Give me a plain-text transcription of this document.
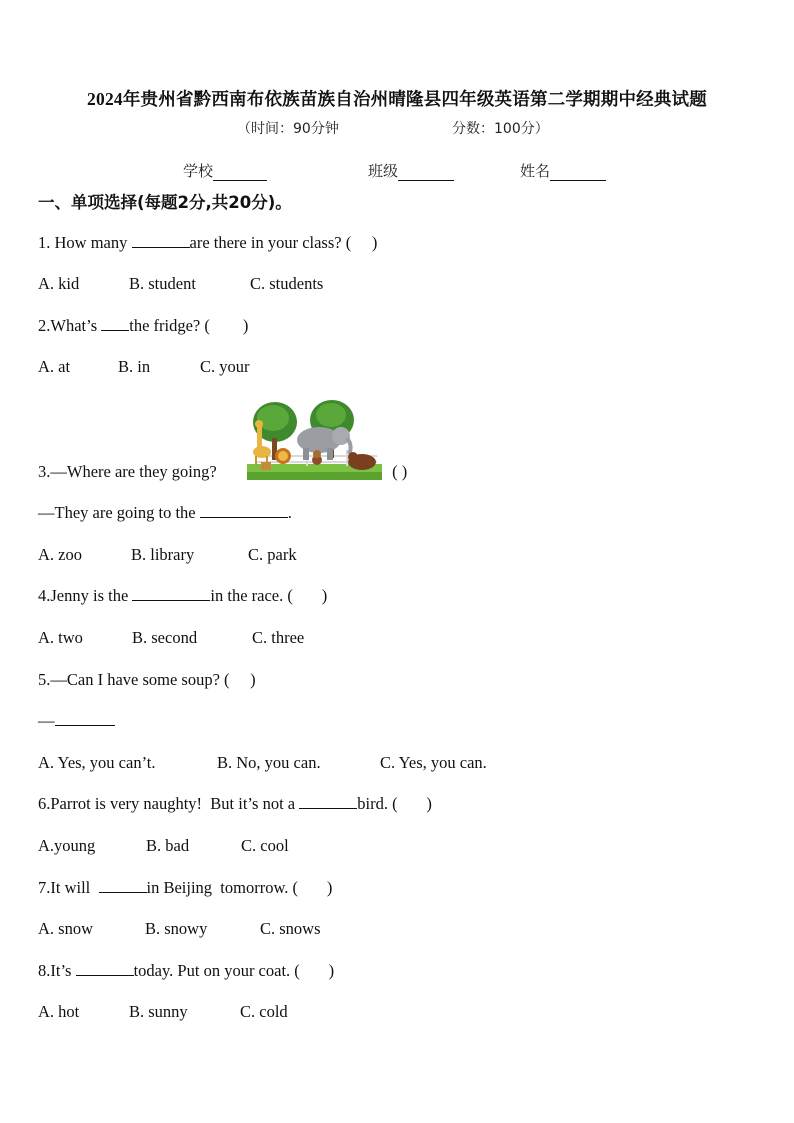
2024年贵州省黔西南布依族苗族自治州晴隆县四年级英语第二学期期中经典试题
（时间：90分钟	分数：100分）
学校	班级	姓名
一、单项选择(每题2分,共20分)。
1. How many	are there in your class? (     )
A. kid	B. student	C. students
2.What’s the fridge? (        )
A. at	B. in	C. your
3.—Where are they going?	( )
—They are going to the	.
A. zoo	B. library	C. park
4.Jenny is the	in the race. (       )
A. two	B. second	C. three
5.—Can I have some soup? (     )
—
A. Yes, you can’t.	B. No, you can.	C. Yes, you can.
6.Parrot is very naughty!  But it’s not a	bird. (       )
A.young	B. bad	C. cool
7.It will	in Beijing  tomorrow. (       )
A. snow	B. snowy	C. snows
8.It’s	today. Put on your coat. (       )
A. hot	B. sunny	C. cold
